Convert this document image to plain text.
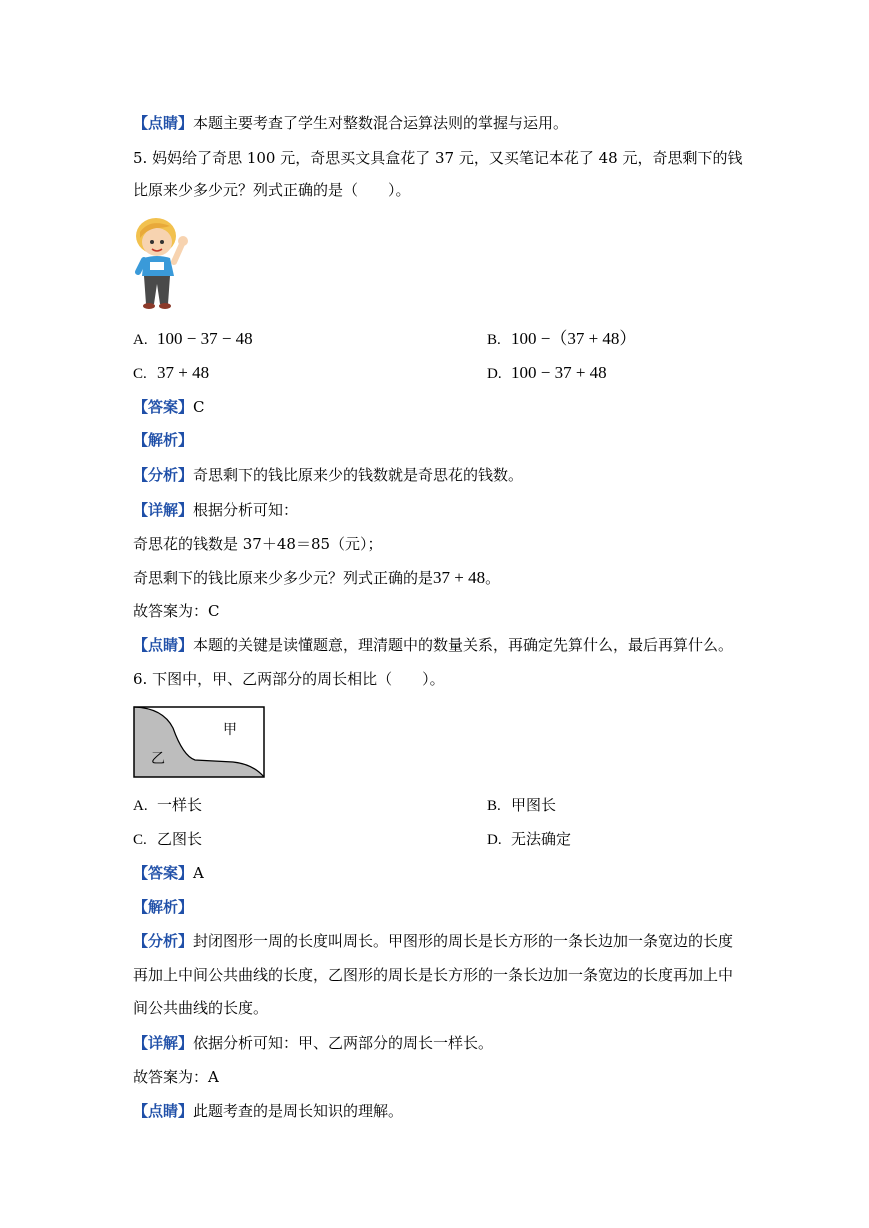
【点睛】本题主要考查了学生对整数混合运算法则的掌握与运用。
5. 妈妈给了奇思 100 元，奇思买文具盒花了 37 元，又买笔记本花了 48 元，奇思剩下的钱
比原来少多少元？列式正确的是（　　）。
A. 100 − 37 − 48	B. 100 −（37 + 48）
C. 37 + 48	D. 100 − 37 + 48
【答案】C
【解析】
【分析】奇思剩下的钱比原来少的钱数就是奇思花的钱数。
【详解】根据分析可知：
奇思花的钱数是 37＋48＝85（元）；
奇思剩下的钱比原来少多少元？列式正确的是37 + 48。
故答案为：C
【点睛】本题的关键是读懂题意，理清题中的数量关系，再确定先算什么，最后再算什么。
6. 下图中，甲、乙两部分的周长相比（　　）。
甲
乙
A. 一样长	B. 甲图长
C. 乙图长	D. 无法确定
【答案】A
【解析】
【分析】封闭图形一周的长度叫周长。甲图形的周长是长方形的一条长边加一条宽边的长度
再加上中间公共曲线的长度，乙图形的周长是长方形的一条长边加一条宽边的长度再加上中
间公共曲线的长度。
【详解】依据分析可知：甲、乙两部分的周长一样长。
故答案为：A
【点睛】此题考查的是周长知识的理解。
